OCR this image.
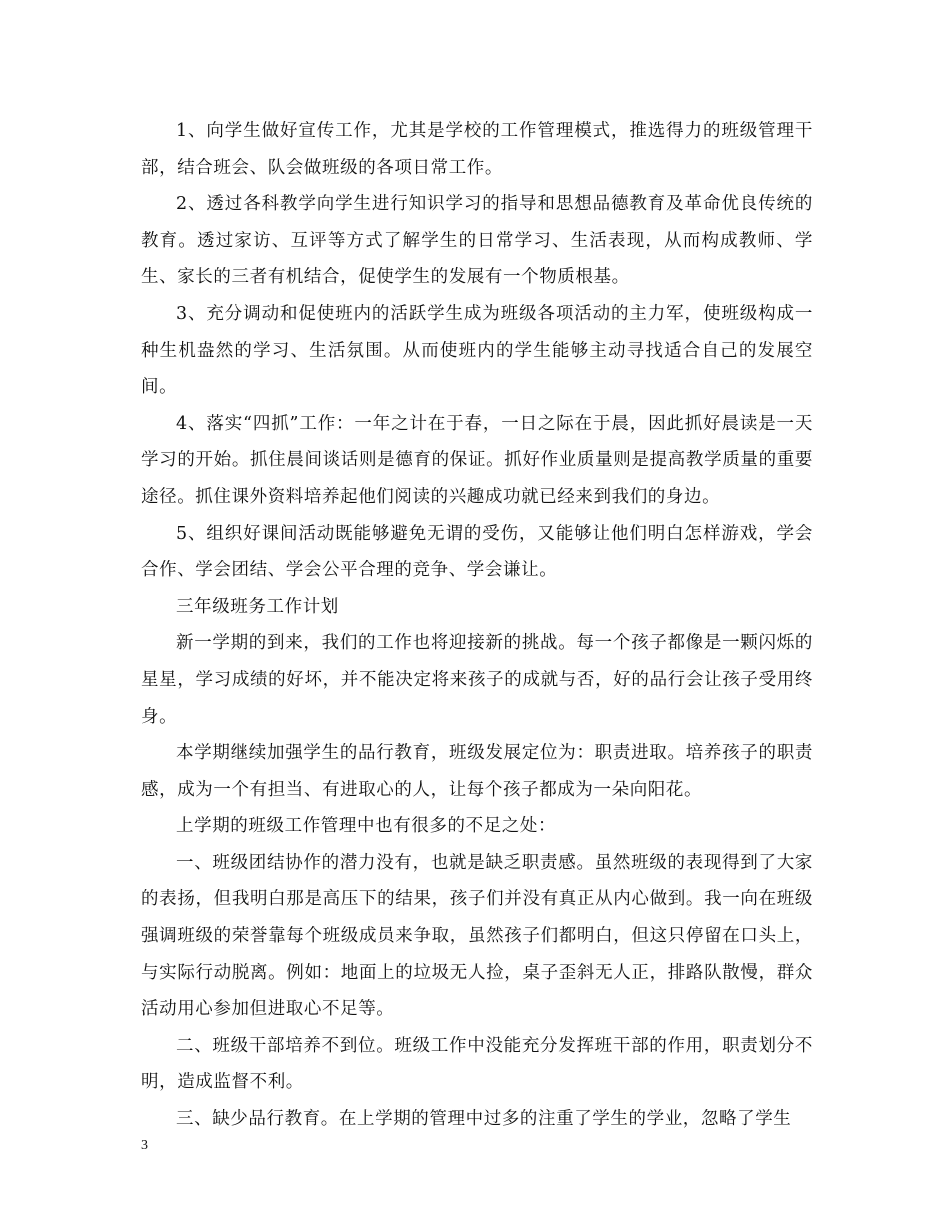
1、向学生做好宣传工作，尤其是学校的工作管理模式，推选得力的班级管理干部，结合班会、队会做班级的各项日常工作。

2、透过各科教学向学生进行知识学习的指导和思想品德教育及革命优良传统的教育。透过家访、互评等方式了解学生的日常学习、生活表现，从而构成教师、学生、家长的三者有机结合，促使学生的发展有一个物质根基。

3、充分调动和促使班内的活跃学生成为班级各项活动的主力军，使班级构成一种生机盎然的学习、生活氛围。从而使班内的学生能够主动寻找适合自己的发展空间。

4、落实“四抓”工作：一年之计在于春，一日之际在于晨，因此抓好晨读是一天学习的开始。抓住晨间谈话则是德育的保证。抓好作业质量则是提高教学质量的重要途径。抓住课外资料培养起他们阅读的兴趣成功就已经来到我们的身边。

5、组织好课间活动既能够避免无谓的受伤，又能够让他们明白怎样游戏，学会合作、学会团结、学会公平合理的竞争、学会谦让。

三年级班务工作计划

新一学期的到来，我们的工作也将迎接新的挑战。每一个孩子都像是一颗闪烁的星星，学习成绩的好坏，并不能决定将来孩子的成就与否，好的品行会让孩子受用终身。

本学期继续加强学生的品行教育，班级发展定位为：职责进取。培养孩子的职责感，成为一个有担当、有进取心的人，让每个孩子都成为一朵向阳花。

上学期的班级工作管理中也有很多的不足之处：

一、班级团结协作的潜力没有，也就是缺乏职责感。虽然班级的表现得到了大家的表扬，但我明白那是高压下的结果，孩子们并没有真正从内心做到。我一向在班级强调班级的荣誉靠每个班级成员来争取，虽然孩子们都明白，但这只停留在口头上，与实际行动脱离。例如：地面上的垃圾无人捡，桌子歪斜无人正，排路队散慢，群众活动用心参加但进取心不足等。

二、班级干部培养不到位。班级工作中没能充分发挥班干部的作用，职责划分不明，造成监督不利。

三、缺少品行教育。在上学期的管理中过多的注重了学生的学业，忽略了学生

3
